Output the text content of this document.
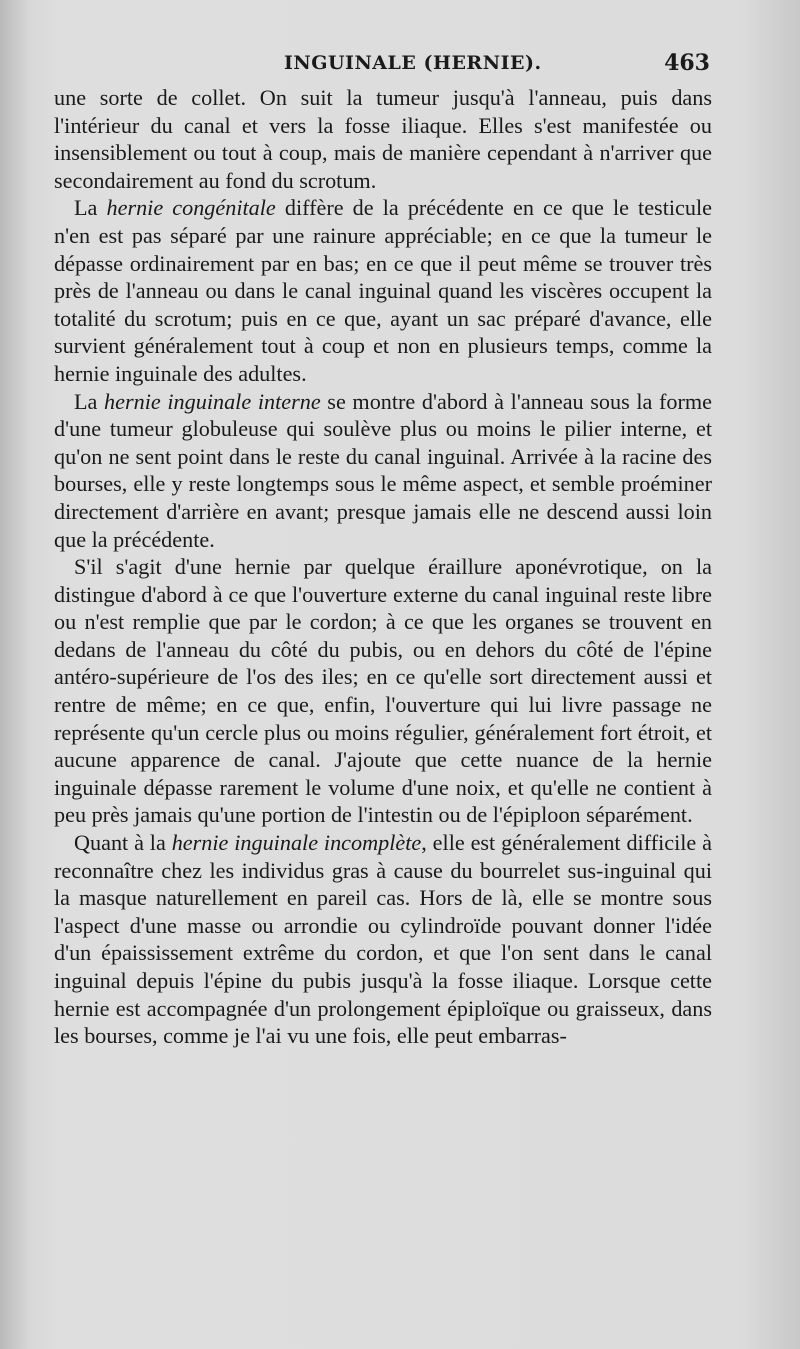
INGUINALE (HERNIE).	463

une sorte de collet. On suit la tumeur jusqu'à l'anneau, puis dans l'intérieur du canal et vers la fosse iliaque. Elles s'est manifestée ou insensiblement ou tout à coup, mais de manière cependant à n'arriver que secondairement au fond du scrotum.

La hernie congénitale diffère de la précédente en ce que le testicule n'en est pas séparé par une rainure appréciable; en ce que la tumeur le dépasse ordinairement par en bas; en ce que il peut même se trouver très près de l'anneau ou dans le canal inguinal quand les viscères occupent la totalité du scrotum; puis en ce que, ayant un sac préparé d'avance, elle survient généralement tout à coup et non en plusieurs temps, comme la hernie inguinale des adultes.

La hernie inguinale interne se montre d'abord à l'anneau sous la forme d'une tumeur globuleuse qui soulève plus ou moins le pilier interne, et qu'on ne sent point dans le reste du canal inguinal. Arrivée à la racine des bourses, elle y reste longtemps sous le même aspect, et semble proéminer directement d'arrière en avant; presque jamais elle ne descend aussi loin que la précédente.

S'il s'agit d'une hernie par quelque éraillure aponévrotique, on la distingue d'abord à ce que l'ouverture externe du canal inguinal reste libre ou n'est remplie que par le cordon; à ce que les organes se trouvent en dedans de l'anneau du côté du pubis, ou en dehors du côté de l'épine antéro-supérieure de l'os des iles; en ce qu'elle sort directement aussi et rentre de même; en ce que, enfin, l'ouverture qui lui livre passage ne représente qu'un cercle plus ou moins régulier, généralement fort étroit, et aucune apparence de canal. J'ajoute que cette nuance de la hernie inguinale dépasse rarement le volume d'une noix, et qu'elle ne contient à peu près jamais qu'une portion de l'intestin ou de l'épiploon séparément.

Quant à la hernie inguinale incomplète, elle est généralement difficile à reconnaître chez les individus gras à cause du bourrelet sus-inguinal qui la masque naturellement en pareil cas. Hors de là, elle se montre sous l'aspect d'une masse ou arrondie ou cylindroïde pouvant donner l'idée d'un épaississement extrême du cordon, et que l'on sent dans le canal inguinal depuis l'épine du pubis jusqu'à la fosse iliaque. Lorsque cette hernie est accompagnée d'un prolongement épiploïque ou graisseux, dans les bourses, comme je l'ai vu une fois, elle peut embarras-
